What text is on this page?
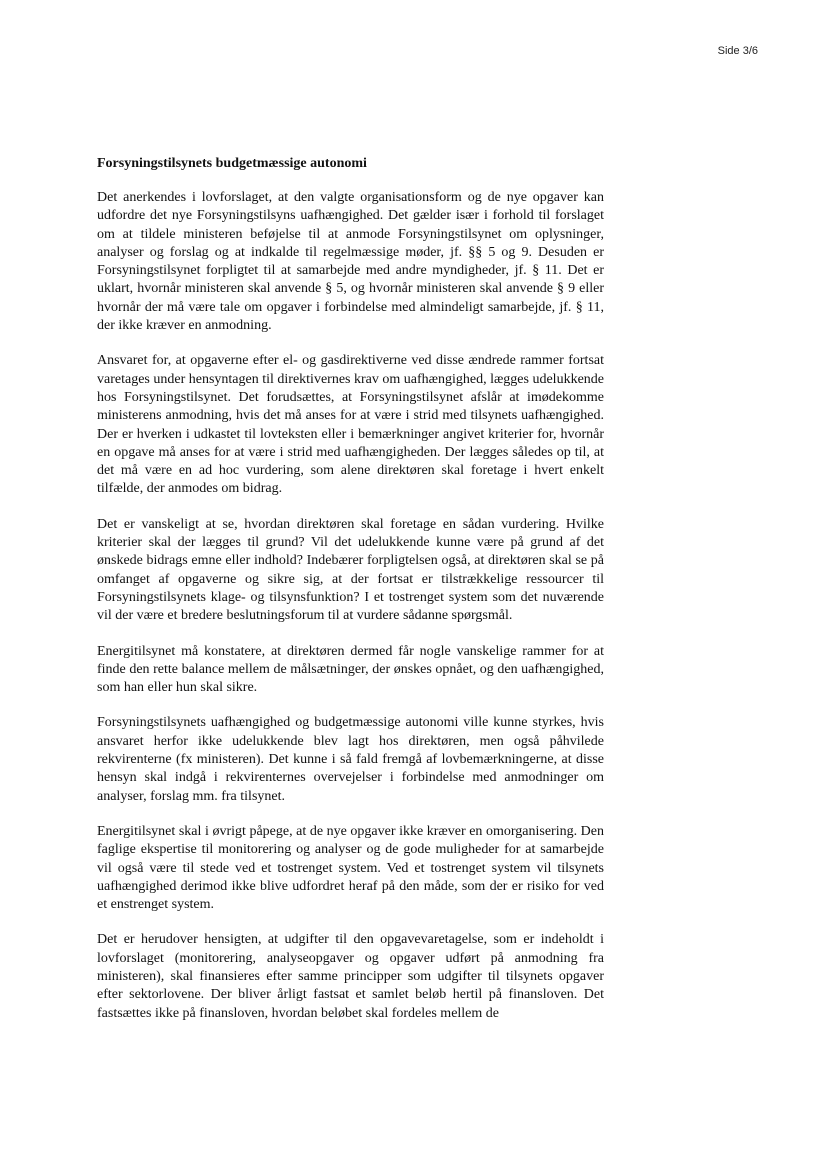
Side 3/6

Forsyningstilsynets budgetmæssige autonomi

Det anerkendes i lovforslaget, at den valgte organisationsform og de nye opgaver kan udfordre det nye Forsyningstilsyns uafhængighed. Det gælder især i forhold til forslaget om at tildele ministeren beføjelse til at anmode Forsyningstilsynet om oplysninger, analyser og forslag og at indkalde til regelmæssige møder, jf. §§ 5 og 9. Desuden er Forsyningstilsynet forpligtet til at samarbejde med andre myndigheder, jf. § 11. Det er uklart, hvornår ministeren skal anvende § 5, og hvornår ministeren skal anvende § 9 eller hvornår der må være tale om opgaver i forbindelse med almindeligt samarbejde, jf. § 11, der ikke kræver en anmodning.

Ansvaret for, at opgaverne efter el- og gasdirektiverne ved disse ændrede rammer fortsat varetages under hensyntagen til direktivernes krav om uafhængighed, lægges udelukkende hos Forsyningstilsynet. Det forudsættes, at Forsyningstilsynet afslår at imødekomme ministerens anmodning, hvis det må anses for at være i strid med tilsynets uafhængighed. Der er hverken i udkastet til lovteksten eller i bemærkninger angivet kriterier for, hvornår en opgave må anses for at være i strid med uafhængigheden. Der lægges således op til, at det må være en ad hoc vurdering, som alene direktøren skal foretage i hvert enkelt tilfælde, der anmodes om bidrag.

Det er vanskeligt at se, hvordan direktøren skal foretage en sådan vurdering. Hvilke kriterier skal der lægges til grund? Vil det udelukkende kunne være på grund af det ønskede bidrags emne eller indhold? Indebærer forpligtelsen også, at direktøren skal se på omfanget af opgaverne og sikre sig, at der fortsat er tilstrækkelige ressourcer til Forsyningstilsynets klage- og tilsynsfunktion? I et tostrenget system som det nuværende vil der være et bredere beslutningsforum til at vurdere sådanne spørgsmål.

Energitilsynet må konstatere, at direktøren dermed får nogle vanskelige rammer for at finde den rette balance mellem de målsætninger, der ønskes opnået, og den uafhængighed, som han eller hun skal sikre.

Forsyningstilsynets uafhængighed og budgetmæssige autonomi ville kunne styrkes, hvis ansvaret herfor ikke udelukkende blev lagt hos direktøren, men også påhvilede rekvirenterne (fx ministeren). Det kunne i så fald fremgå af lovbemærkningerne, at disse hensyn skal indgå i rekvirenternes overvejelser i forbindelse med anmodninger om analyser, forslag mm. fra tilsynet.

Energitilsynet skal i øvrigt påpege, at de nye opgaver ikke kræver en omorganisering. Den faglige ekspertise til monitorering og analyser og de gode muligheder for at samarbejde vil også være til stede ved et tostrenget system. Ved et tostrenget system vil tilsynets uafhængighed derimod ikke blive udfordret heraf på den måde, som der er risiko for ved et enstrenget system.

Det er herudover hensigten, at udgifter til den opgavevaretagelse, som er indeholdt i lovforslaget (monitorering, analyseopgaver og opgaver udført på anmodning fra ministeren), skal finansieres efter samme principper som udgifter til tilsynets opgaver efter sektorlovene. Der bliver årligt fastsat et samlet beløb hertil på finansloven. Det fastsættes ikke på finansloven, hvordan beløbet skal fordeles mellem de
